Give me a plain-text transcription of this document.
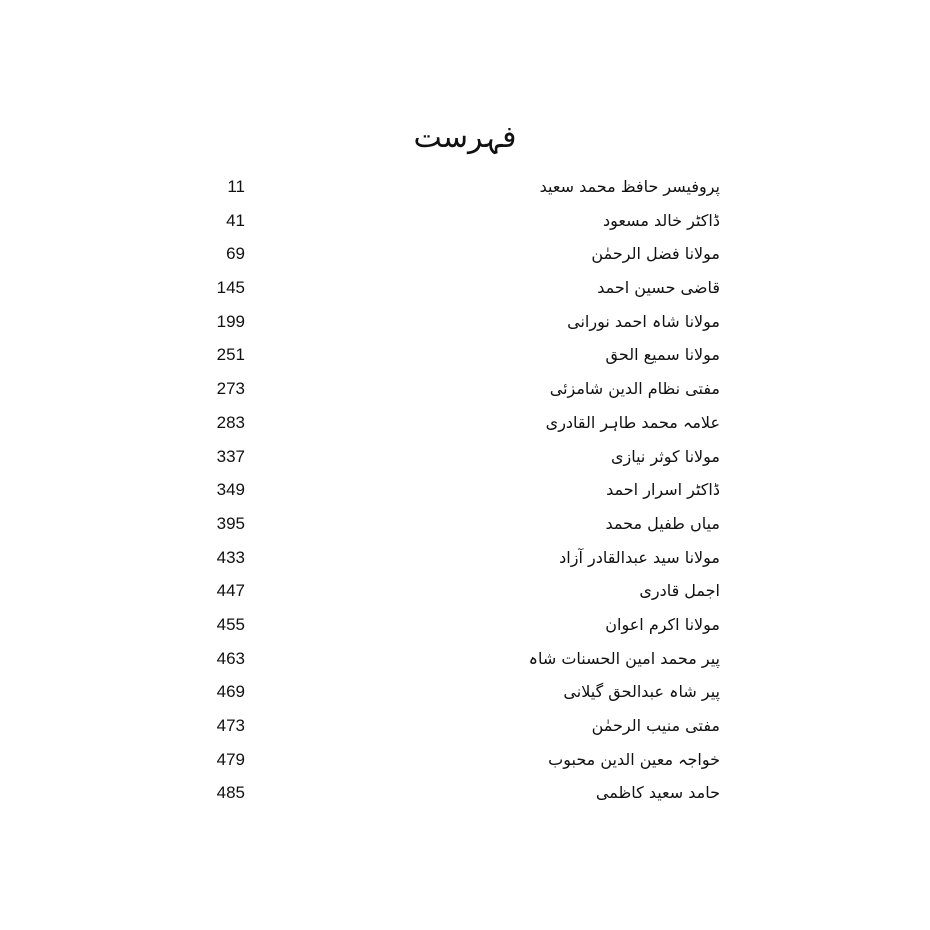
فہرست
11	پروفیسر حافظ محمد سعید
41	ڈاکٹر خالد مسعود
69	مولانا فضل الرحمٰن
145	قاضی حسین احمد
199	مولانا شاہ احمد نورانی
251	مولانا سمیع الحق
273	مفتی نظام الدین شامزئی
283	علامہ محمد طاہر القادری
337	مولانا کوثر نیازی
349	ڈاکٹر اسرار احمد
395	میاں طفیل محمد
433	مولانا سید عبدالقادر آزاد
447	اجمل قادری
455	مولانا اکرم اعوان
463	پیر محمد امین الحسنات شاہ
469	پیر شاہ عبدالحق گیلانی
473	مفتی منیب الرحمٰن
479	خواجہ معین الدین محبوب
485	حامد سعید کاظمی
